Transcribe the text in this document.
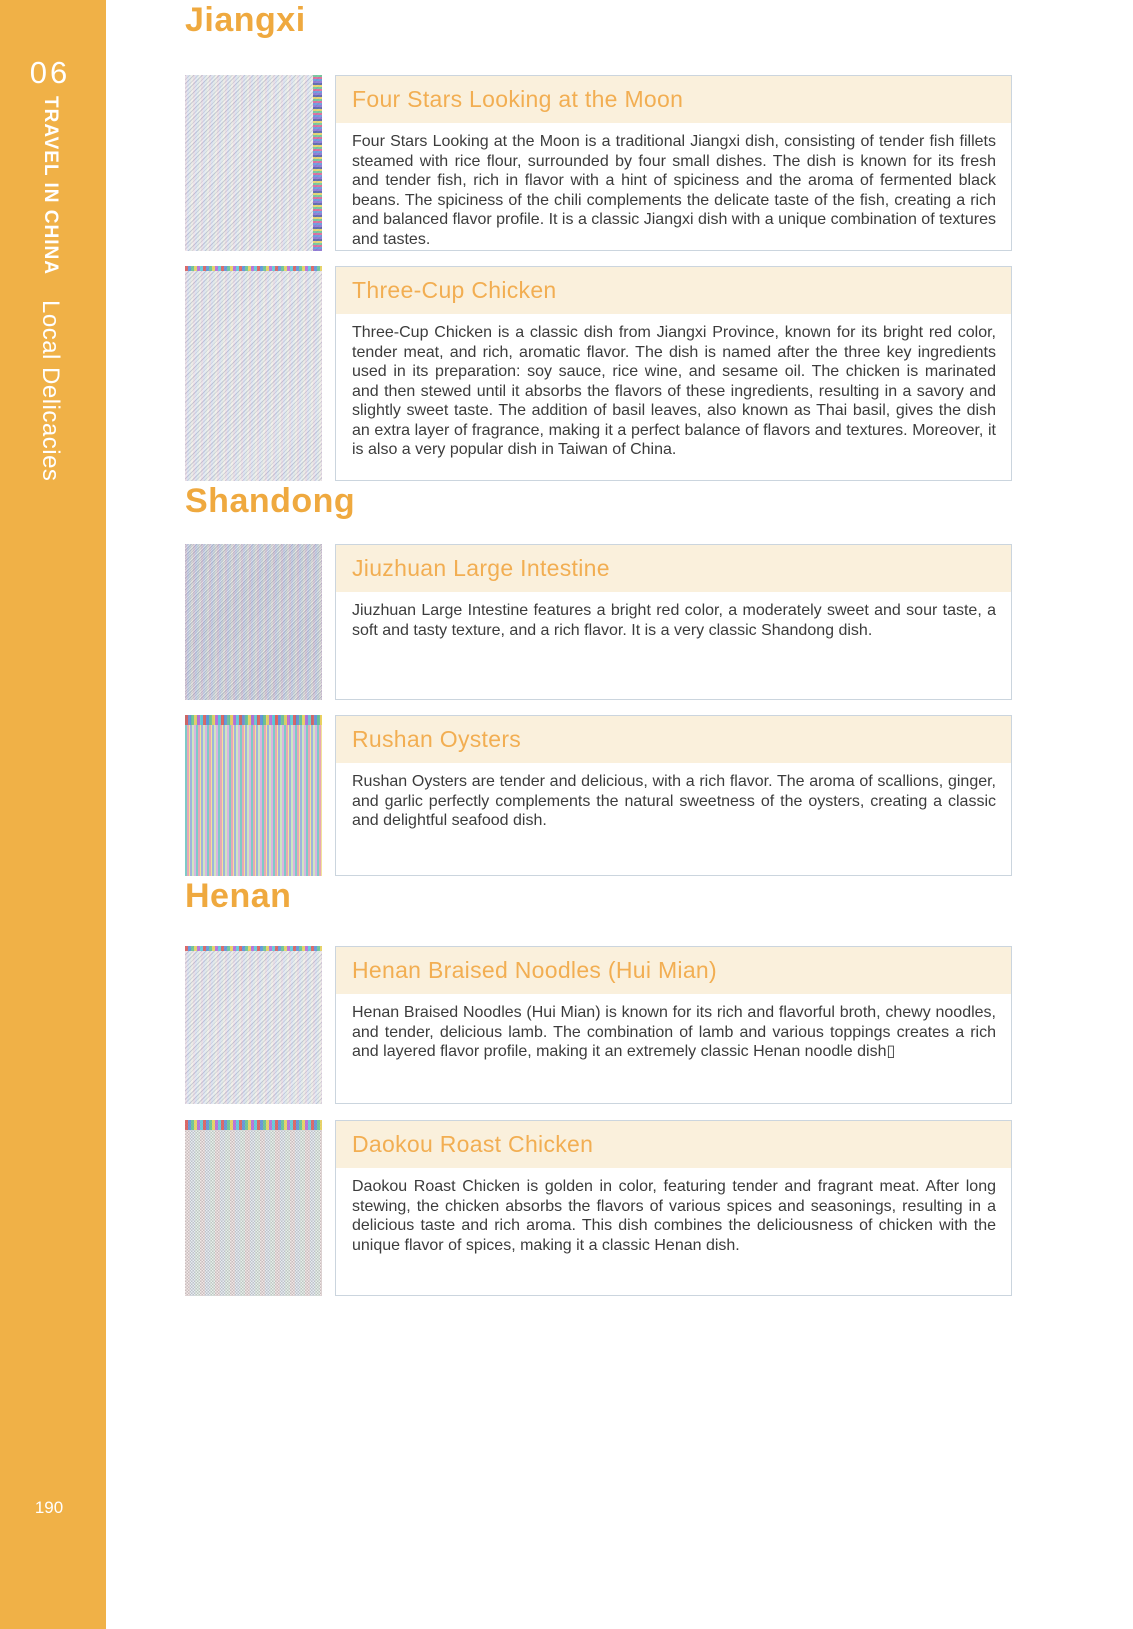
06
TRAVEL IN CHINA
Local Delicacies
190
Jiangxi
Four Stars Looking at the Moon

Four Stars Looking at the Moon is a traditional Jiangxi dish, consisting of tender fish fillets steamed with rice flour, surrounded by four small dishes. The dish is known for its fresh and tender fish, rich in flavor with a hint of spiciness and the aroma of fermented black beans. The spiciness of the chili complements the delicate taste of the fish, creating a rich and balanced flavor profile. It is a classic Jiangxi dish with a unique combination of textures and tastes.

Three-Cup Chicken

Three-Cup Chicken is a classic dish from Jiangxi Province, known for its bright red color, tender meat, and rich, aromatic flavor. The dish is named after the three key ingredients used in its preparation: soy sauce, rice wine, and sesame oil. The chicken is marinated and then stewed until it absorbs the flavors of these ingredients, resulting in a savory and slightly sweet taste. The addition of basil leaves, also known as Thai basil, gives the dish an extra layer of fragrance, making it a perfect balance of flavors and textures. Moreover, it is also a very popular dish in Taiwan of China.

Shandong
Jiuzhuan Large Intestine

Jiuzhuan Large Intestine features a bright red color, a moderately sweet and sour taste, a soft and tasty texture, and a rich flavor. It is a very classic Shandong dish.

Rushan Oysters

Rushan Oysters are tender and delicious, with a rich flavor. The aroma of scallions, ginger, and garlic perfectly complements the natural sweetness of the oysters, creating a classic and delightful seafood dish.

Henan
Henan Braised Noodles (Hui Mian)

Henan Braised Noodles (Hui Mian) is known for its rich and flavorful broth, chewy noodles, and tender, delicious lamb. The combination of lamb and various toppings creates a rich and layered flavor profile, making it an extremely classic Henan noodle dish▯

Daokou Roast Chicken

Daokou Roast Chicken is golden in color, featuring tender and fragrant meat. After long stewing, the chicken absorbs the flavors of various spices and seasonings, resulting in a delicious taste and rich aroma. This dish combines the deliciousness of chicken with the unique flavor of spices, making it a classic Henan dish.
